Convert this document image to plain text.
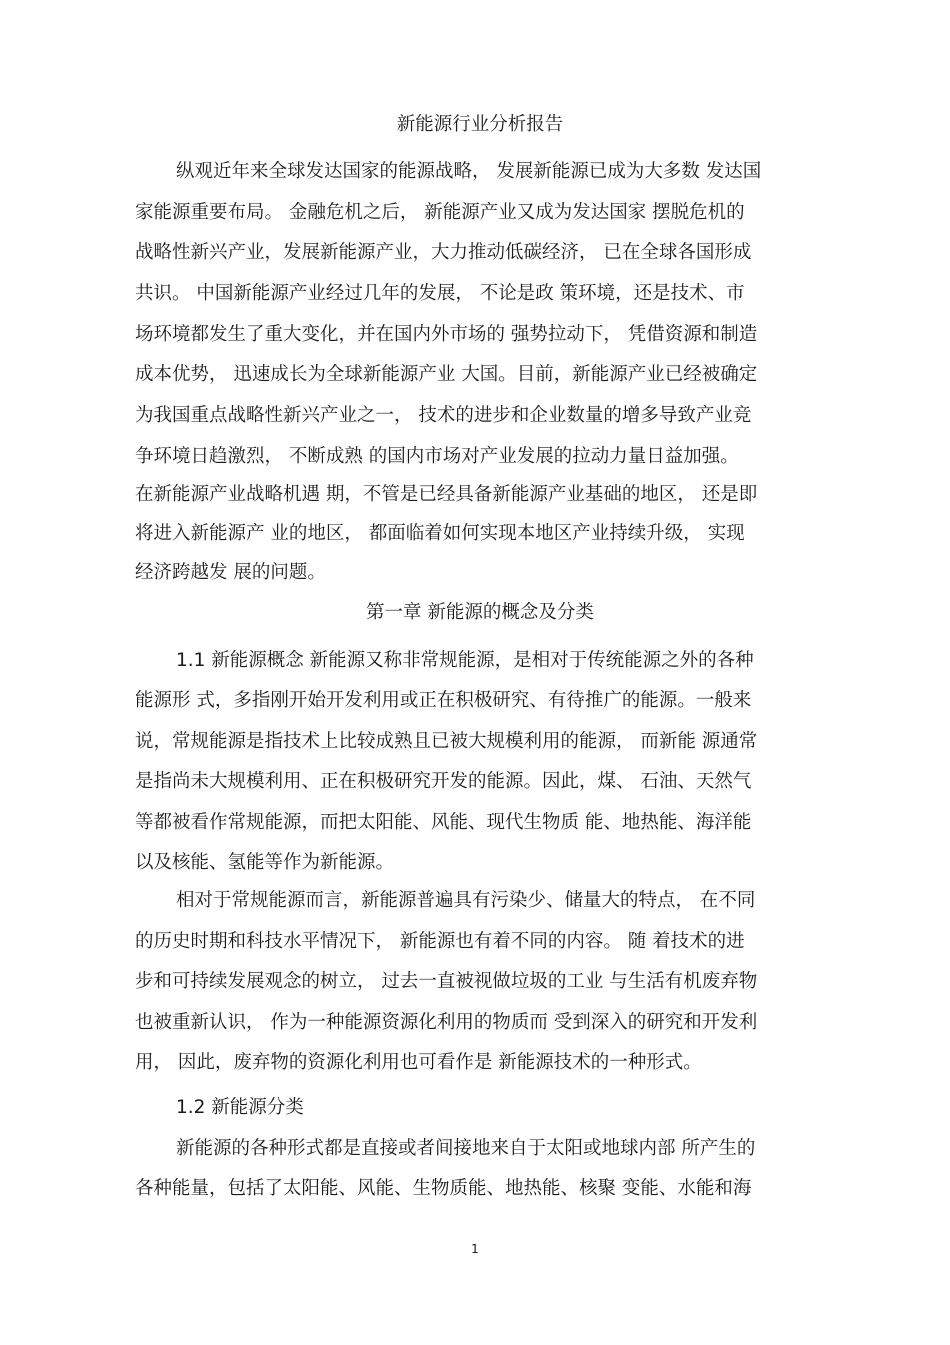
新能源行业分析报告
纵观近年来全球发达国家的能源战略， 发展新能源已成为大多数 发达国
家能源重要布局。 金融危机之后， 新能源产业又成为发达国家 摆脱危机的
战略性新兴产业，发展新能源产业，大力推动低碳经济， 已在全球各国形成
共识。 中国新能源产业经过几年的发展， 不论是政 策环境，还是技术、市
场环境都发生了重大变化，并在国内外市场的 强势拉动下， 凭借资源和制造
成本优势， 迅速成长为全球新能源产业 大国。目前，新能源产业已经被确定
为我国重点战略性新兴产业之一， 技术的进步和企业数量的增多导致产业竞
争环境日趋激烈， 不断成熟 的国内市场对产业发展的拉动力量日益加强。
在新能源产业战略机遇 期，不管是已经具备新能源产业基础的地区， 还是即
将进入新能源产 业的地区， 都面临着如何实现本地区产业持续升级， 实现
经济跨越发 展的问题。
第一章 新能源的概念及分类
1.1 新能源概念 新能源又称非常规能源，是相对于传统能源之外的各种
能源形 式，多指刚开始开发利用或正在积极研究、有待推广的能源。一般来
说，常规能源是指技术上比较成熟且已被大规模利用的能源， 而新能 源通常
是指尚未大规模利用、正在积极研究开发的能源。因此，煤、 石油、天然气
等都被看作常规能源，而把太阳能、风能、现代生物质 能、地热能、海洋能
以及核能、氢能等作为新能源。
相对于常规能源而言，新能源普遍具有污染少、储量大的特点， 在不同
的历史时期和科技水平情况下， 新能源也有着不同的内容。 随 着技术的进
步和可持续发展观念的树立， 过去一直被视做垃圾的工业 与生活有机废弃物
也被重新认识， 作为一种能源资源化利用的物质而 受到深入的研究和开发利
用， 因此，废弃物的资源化利用也可看作是 新能源技术的一种形式。
1.2 新能源分类
新能源的各种形式都是直接或者间接地来自于太阳或地球内部 所产生的
各种能量，包括了太阳能、风能、生物质能、地热能、核聚 变能、水能和海
1
